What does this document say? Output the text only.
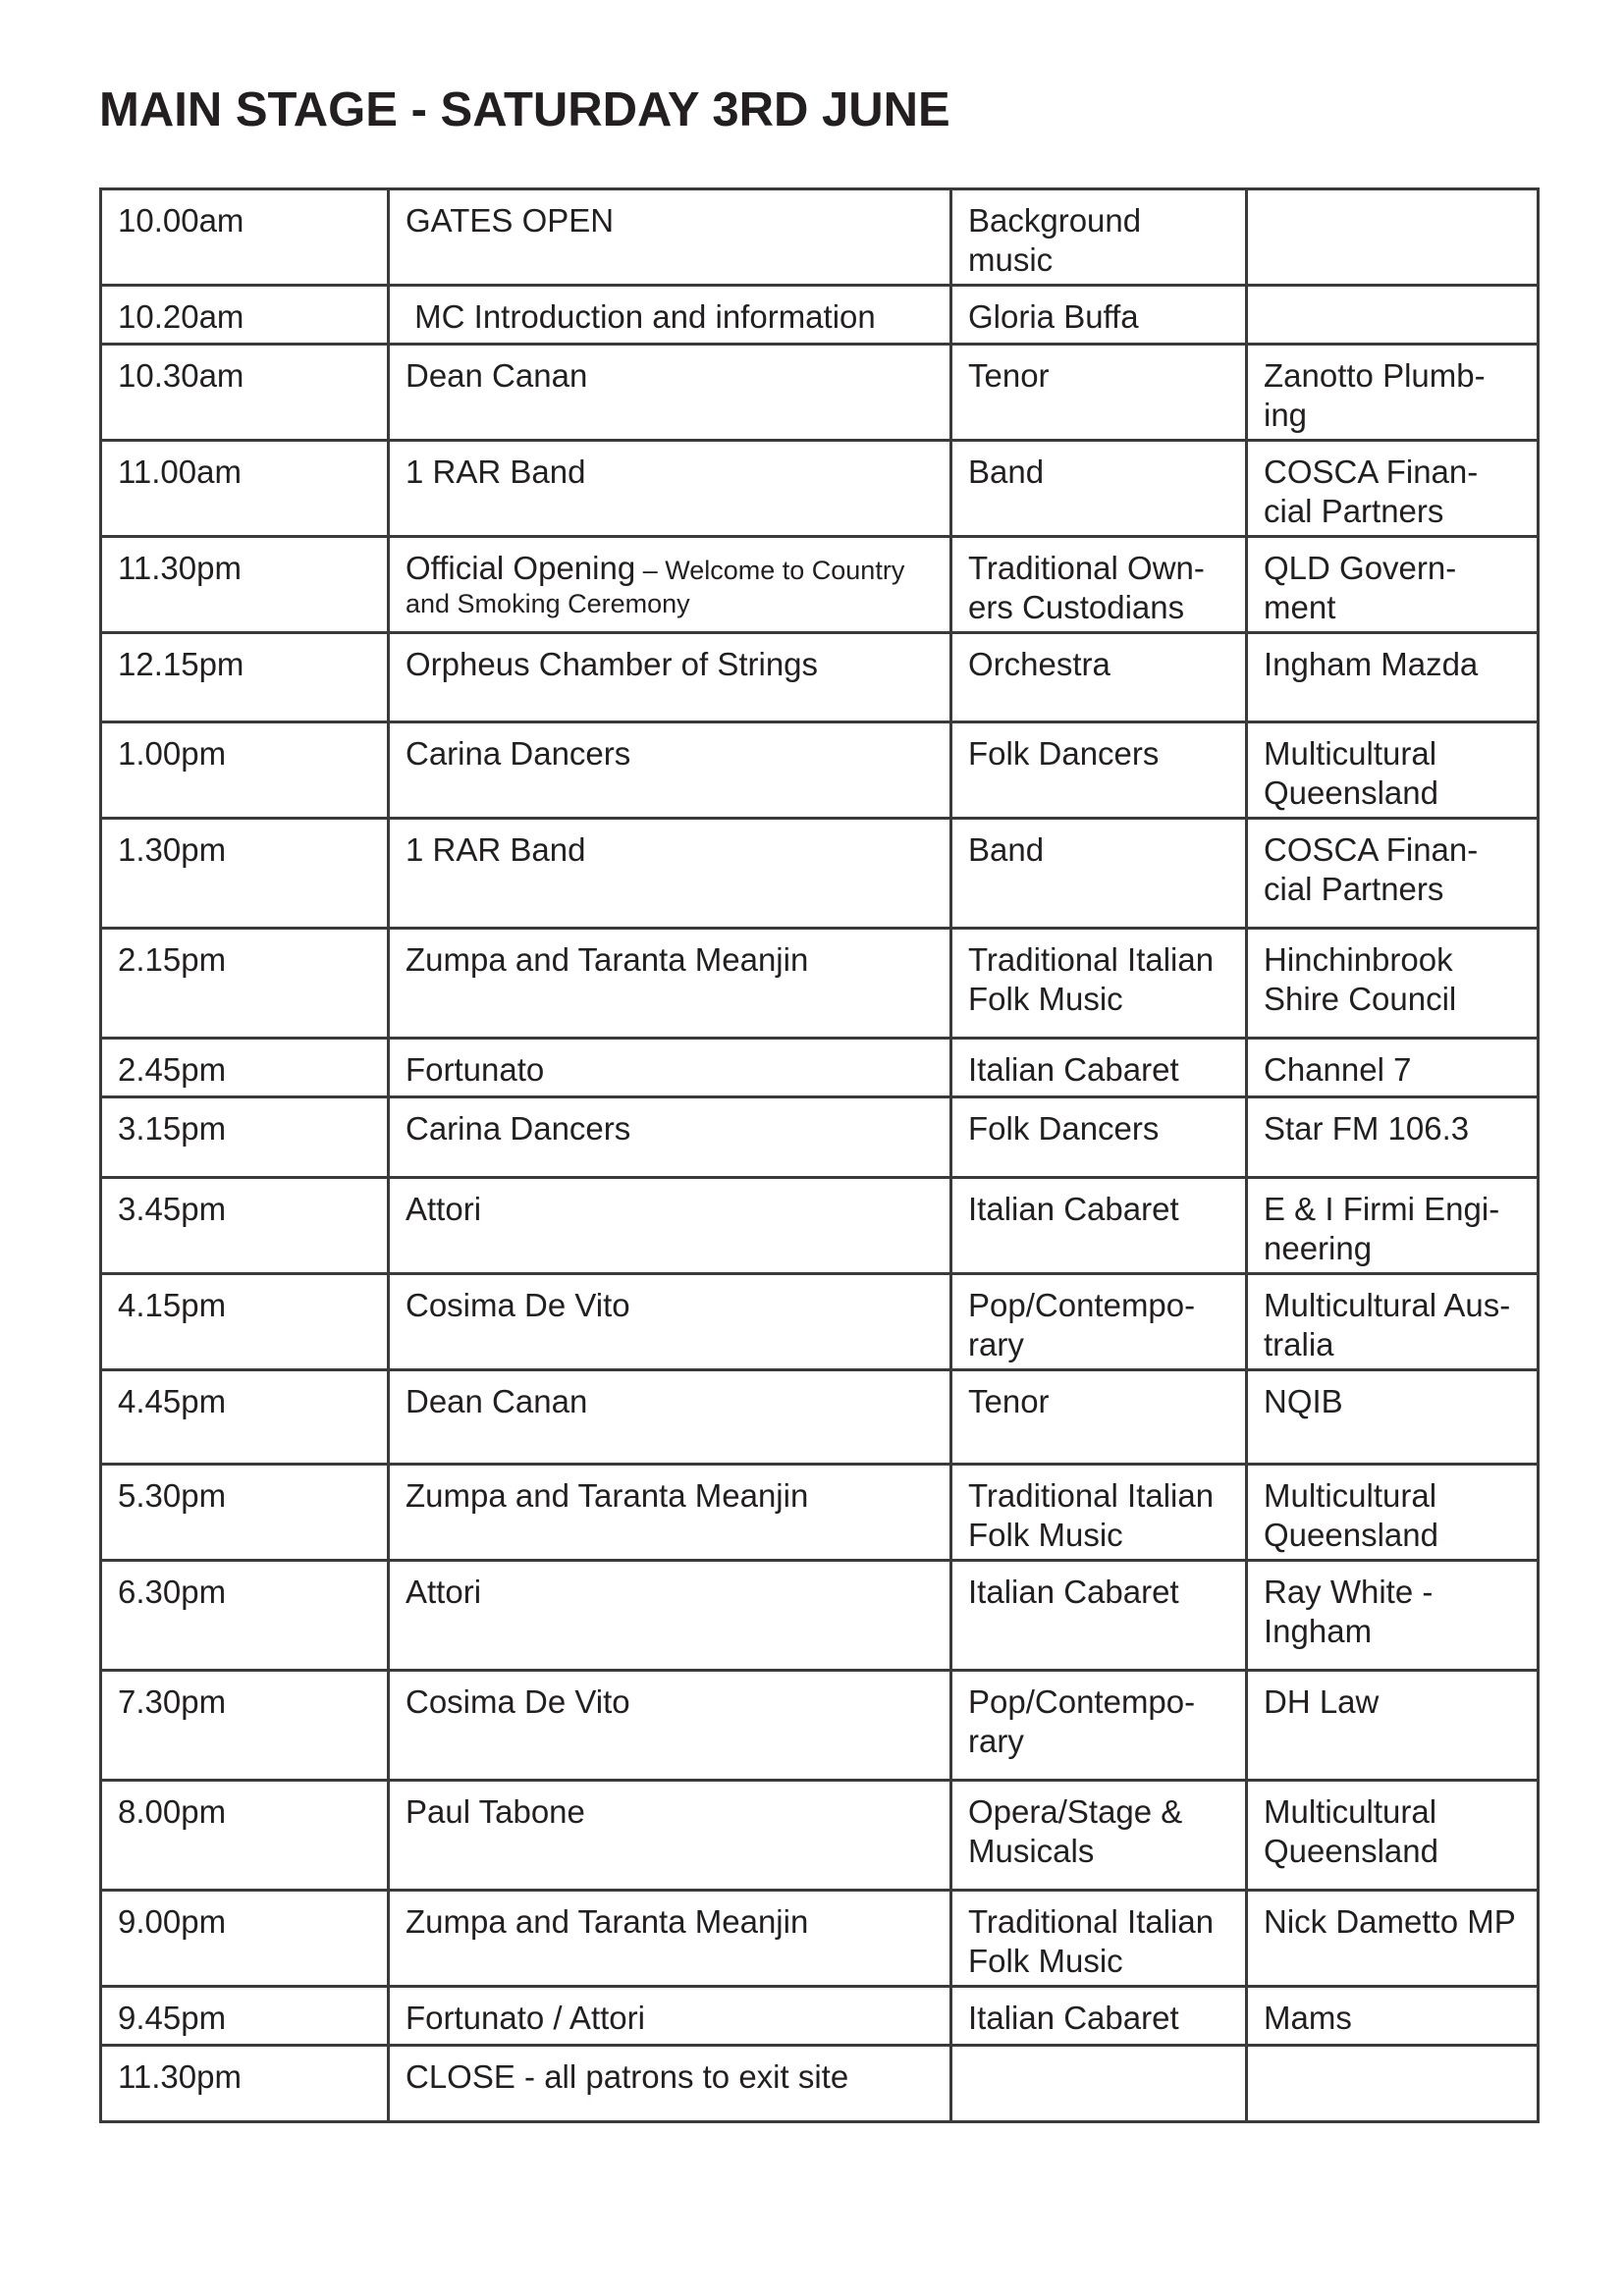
MAIN STAGE - SATURDAY 3RD JUNE
10.00am	GATES OPEN	Background
music	

10.20am	MC Introduction and information	Gloria Buffa	

10.30am	Dean Canan	Tenor	Zanotto Plumb-
ing

11.00am	1 RAR Band	Band	COSCA Finan-
cial Partners

11.30pm	Official Opening – Welcome to Country
and Smoking Ceremony	Traditional Own-
ers Custodians	QLD Govern-
ment

12.15pm	Orpheus Chamber of Strings	Orchestra	Ingham Mazda

1.00pm	Carina Dancers	Folk Dancers	Multicultural
Queensland

1.30pm	1 RAR Band	Band	COSCA Finan-
cial Partners

2.15pm	Zumpa and Taranta Meanjin	Traditional Italian
Folk Music	Hinchinbrook
Shire Council

2.45pm	Fortunato	Italian Cabaret	Channel 7

3.15pm	Carina Dancers	Folk Dancers	Star FM 106.3

3.45pm	Attori	Italian Cabaret	E & I Firmi Engi-
neering

4.15pm	Cosima De Vito	Pop/Contempo-
rary	Multicultural Aus-
tralia

4.45pm	Dean Canan	Tenor	NQIB

5.30pm	Zumpa and Taranta Meanjin	Traditional Italian
Folk Music	Multicultural
Queensland

6.30pm	Attori	Italian Cabaret	Ray White -
Ingham

7.30pm	Cosima De Vito	Pop/Contempo-
rary	DH Law

8.00pm	Paul Tabone	Opera/Stage &
Musicals	Multicultural
Queensland

9.00pm	Zumpa and Taranta Meanjin	Traditional Italian
Folk Music	Nick Dametto MP

9.45pm	Fortunato / Attori	Italian Cabaret	Mams

11.30pm	CLOSE - all patrons to exit site		
